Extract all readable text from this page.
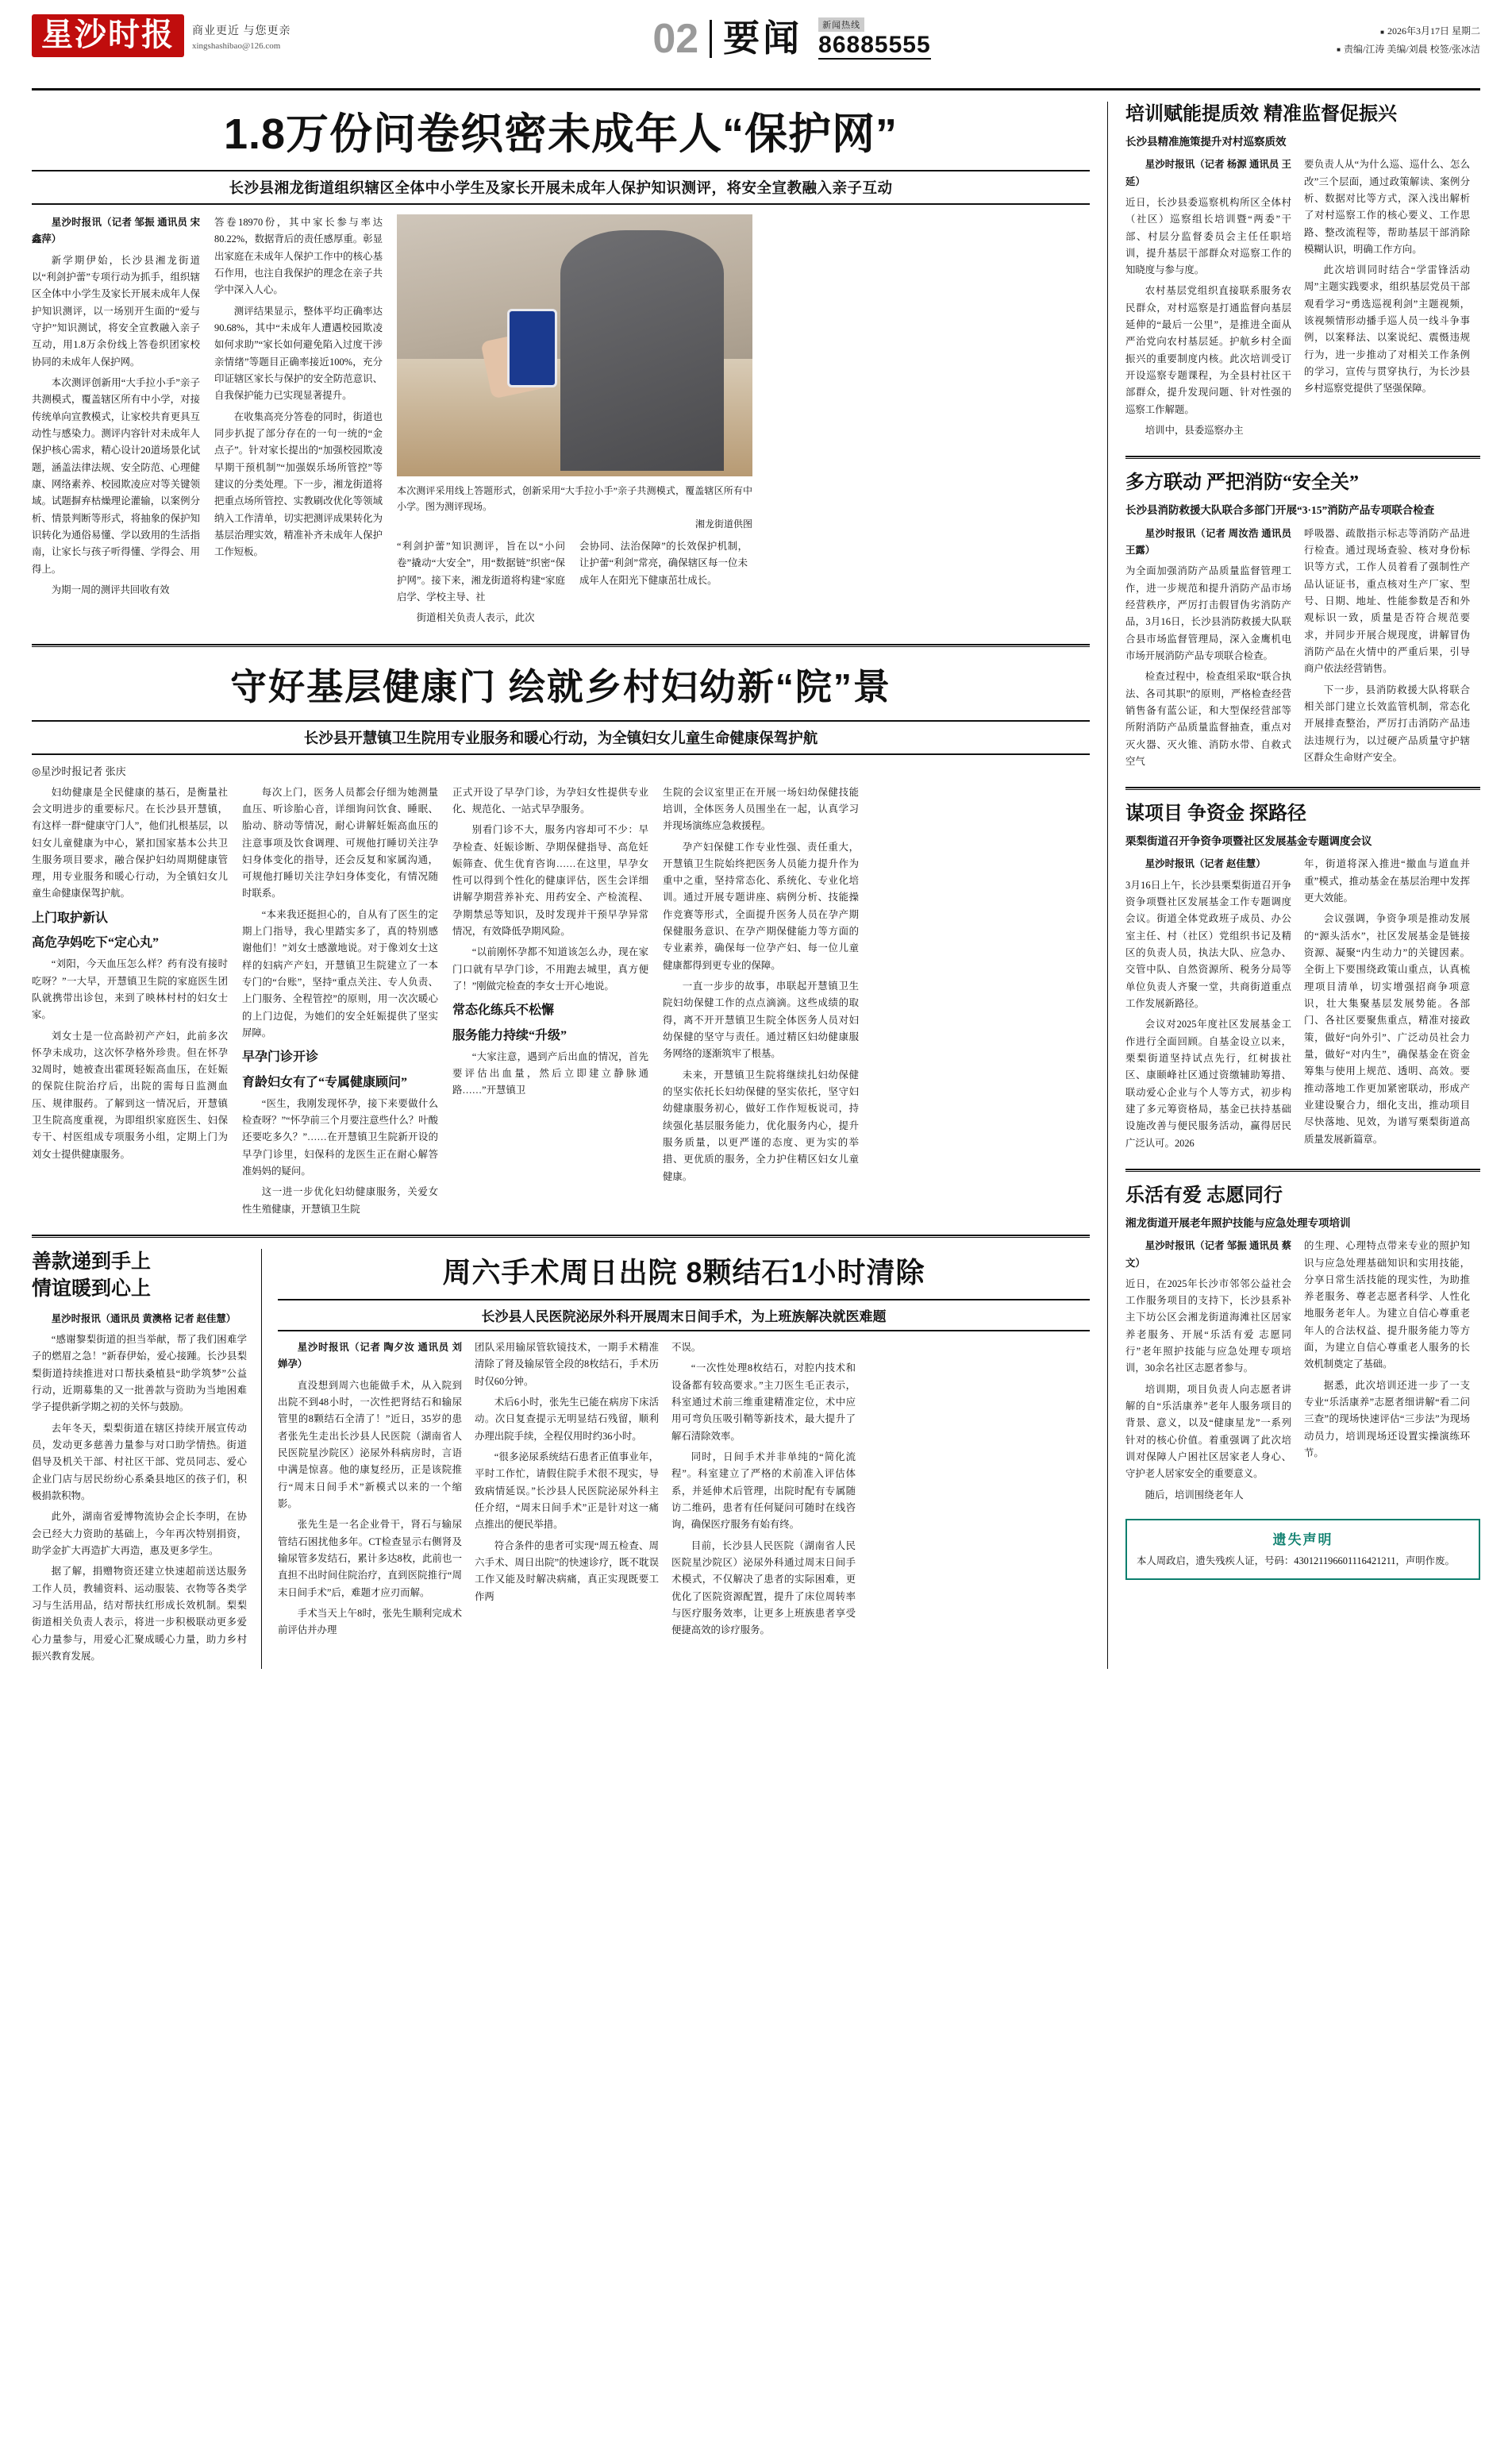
星沙时报	商业更近 与您更亲
xingshashibao@126.com	02 要闻	新闻热线
86885555
■ 2026年3月17日 星期二
■ 责编/江涛 美编/刘晨 校签/张冰洁
1.8万份问卷织密未成年人“保护网”
长沙县湘龙街道组织辖区全体中小学生及家长开展未成年人保护知识测评，将安全宣教融入亲子互动

星沙时报讯（记者 邹振 通讯员 宋鑫萍）

新学期伊始，长沙县湘龙街道以“利剑护蕾”专项行动为抓手，组织辖区全体中小学生及家长开展未成年人保护知识测评，以一场别开生面的“爱与守护”知识测试，将安全宣教融入亲子互动，用1.8万余份线上答卷织团家校协同的未成年人保护网。

本次测评创新用“大手拉小手”亲子共测模式，覆盖辖区所有中小学，对接传统单向宣教模式，让家校共育更具互动性与感染力。测评内容针对未成年人保护核心需求，精心设计20道场景化试题，涵盖法律法规、安全防范、心理健康、网络素养、校园欺凌应对等关键领域。试题摒弃枯燥理论灌输，以案例分析、情景判断等形式，将抽象的保护知识转化为通俗易懂、学以致用的生活指南，让家长与孩子听得懂、学得会、用得上。

为期一周的测评共回收有效

答卷18970份，其中家长参与率达80.22%，数据背后的责任感厚重。彰显出家庭在未成年人保护工作中的核心基石作用，也注自我保护的理念在亲子共学中深入人心。

测评结果显示，整体平均正确率达90.68%，其中“未成年人遭遇校园欺凌如何求助”“家长如何避免陷入过度干涉亲情绪”等题目正确率接近100%，充分印证辖区家长与保护的安全防范意识、自我保护能力已实现显著提升。

在收集高亮分答卷的同时，街道也同步扒捉了部分存在的一句一统的“金点子”。针对家长提出的“加强校园欺凌早期干预机制”“加强娱乐场所管控”等建议的分类处理。下一步，湘龙街道将把重点场所管控、实教刷改优化等领域纳入工作清单，切实把测评成果转化为基层治理实效，精准补齐未成年人保护工作短板。

本次测评采用线上答题形式，创新采用“大手拉小手”亲子共测模式，覆盖辖区所有中小学。图为测评现场。
湘龙街道供图

“利剑护蕾”知识测评，旨在以“小问卷”撬动“大安全”，用“数据链”织密“保护网”。接下来，湘龙街道将构建“家庭启学、学校主导、社

街道相关负责人表示，此次

会协同、法治保障”的长效保护机制，让护蕾“利剑”常亮，确保辖区每一位未成年人在阳光下健康茁壮成长。

守好基层健康门 绘就乡村妇幼新“院”景
长沙县开慧镇卫生院用专业服务和暖心行动，为全镇妇女儿童生命健康保驾护航
◎星沙时报记者 张庆

妇幼健康是全民健康的基石，是衡量社会文明进步的重要标尺。在长沙县开慧镇，有这样一群“健康守门人”，他们扎根基层，以妇女儿童健康为中心，紧扣国家基本公共卫生服务项目要求，融合保护妇幼周期健康管理，用专业服务和暖心行动，为全镇妇女儿童生命健康保驾护航。

上门取护新认
高危孕妈吃下“定心丸”

“刘阳，今天血压怎么样？药有没有接时吃呀？”一大早，开慧镇卫生院的家庭医生团队就携带出诊包，来到了映林村村的妇女士家。

刘女士是一位高龄初产产妇，此前多次怀孕未成功，这次怀孕格外珍贵。但在怀孕32周时，她被查出霍斑轻娠高血压，在妊娠的保院住院治疗后，出院的需每日监测血压、规律服药。了解到这一情况后，开慧镇卫生院高度重视，为即组织家庭医生、妇保专干、村医组成专项服务小组，定期上门为刘女士提供健康服务。

每次上门，医务人员都会仔细为她测量血压、听诊胎心音，详细询问饮食、睡眠、胎动、脐动等情况，耐心讲解妊娠高血压的注意事项及饮食调理、可规他打睡切关注孕妇身体变化的指导，还会反复和家属沟通，可规他打睡切关注孕妇身体变化，有情况随时联系。

“本来我还挺担心的，自从有了医生的定期上门指导，我心里踏实多了，真的特别感谢他们！”刘女士感激地说。对于像刘女士这样的妇病产产妇，开慧镇卫生院建立了一本专门的“台账”，坚持“重点关注、专人负责、上门服务、全程管控”的原则，用一次次暖心的上门边促，为她们的安全妊娠提供了坚实屏障。

早孕门诊开诊
育龄妇女有了“专属健康顾问”

“医生，我刚发现怀孕，接下来要做什么检查呀？”“怀孕前三个月要注意些什么？叶酸还要吃多久？”……在开慧镇卫生院新开设的早孕门诊里，妇保科的龙医生正在耐心解答准妈妈的疑问。

这一进一步优化妇幼健康服务，关爱女性生殖健康，开慧镇卫生院

正式开设了早孕门诊，为孕妇女性提供专业化、规范化、一站式早孕服务。

别看门诊不大，服务内容却可不少：早孕检查、妊娠诊断、孕期保健指导、高危妊娠筛查、优生优育咨询……在这里，早孕女性可以得到个性化的健康评估，医生会详细讲解孕期营养补充、用药安全、产检流程、孕期禁忌等知识，及时发现并干预早孕异常情况，有效降低孕期风险。

“以前刚怀孕都不知道该怎么办，现在家门口就有早孕门诊，不用跑去城里，真方便了！”刚做完检查的李女士开心地说。

常态化练兵不松懈
服务能力持续“升级”

“大家注意，遇到产后出血的情况，首先要评估出血量，然后立即建立静脉通路……”开慧镇卫

生院的会议室里正在开展一场妇幼保健技能培训，全体医务人员围坐在一起，认真学习并现场演练应急救援程。

孕产妇保健工作专业性强、责任重大，开慧镇卫生院始终把医务人员能力提升作为重中之重，坚持常态化、系统化、专业化培训。通过开展专题讲座、病例分析、技能操作竞赛等形式，全面提升医务人员在孕产期保健服务意识、在孕产期保健能力等方面的专业素养，确保每一位孕产妇、每一位儿童健康都得到更专业的保障。

一直一步步的故事，串联起开慧镇卫生院妇幼保健工作的点点滴滴。这些成绩的取得，离不开开慧镇卫生院全体医务人员对妇幼保健的坚守与责任。通过精区妇幼健康服务网络的逐渐筑牢了根基。

未来，开慧镇卫生院将继续扎妇幼保健的坚实依托长妇幼保健的坚实依托，坚守妇幼健康服务初心，做好工作作短板说司，持续强化基层服务能力，优化服务内心，提升服务质量，以更严谨的态度、更为实的举措、更优质的服务，全力护住精区妇女儿童健康。

善款递到手上
情谊暖到心上

星沙时报讯（通讯员 黄澳格 记者 赵佳慧）

“感谢黎梨街道的担当举献，帮了我们困难学子的燃眉之急！”新春伊始，爱心接踵。长沙县梨梨街道持续推进对口帮扶桑植县“助学筑梦”公益行动，近期募集的又一批善款与资助为当地困难学子提供新学期之初的关怀与鼓励。

去年冬天，梨梨街道在辖区持续开展宣传动员，发动更多慈善力量参与对口助学情热。街道倡导及机关干部、村社区干部、党员同志、爱心企业门店与居民纷纷心系桑县地区的孩子们，积极捐款积物。

此外，湖南省爱博物流协会企长李明，在协会已经大力资助的基础上，今年再次特别捐资，助学金扩大再造扩大再造，惠及更多学生。

据了解，捐赠物资还建立快速超前送达服务工作人员，教辅资料、运动服装、衣物等各类学习与生活用品，结对帮扶红形成长效机制。梨梨街道相关负责人表示，将进一步积极联动更多爱心力量参与，用爱心汇聚成暖心力量，助力乡村振兴教育发展。

周六手术周日出院 8颗结石1小时清除
长沙县人民医院泌尿外科开展周末日间手术，为上班族解决就医难题

星沙时报讯（记者 陶夕汝 通讯员 刘婵孕）

直没想到周六也能做手术，从入院到出院不到48小时，一次性把肾结石和输尿管里的8颗结石全清了！”近日，35岁的患者张先生走出长沙县人民医院（湖南省人民医院星沙院区）泌尿外科病房时，言语中满是惊喜。他的康复经历，正是该院推行“周末日间手术”新模式以来的一个缩影。

张先生是一名企业骨干，肾石与输尿管结石困扰他多年。CT检查显示右侧肾及输尿管多发结石，累计多达8枚，此前也一直担不出时间住院治疗，直到医院推行“周末日间手术”后，难题才应刃而解。

手术当天上午8时，张先生顺利完成术前评估并办理

团队采用输尿管软镜技术，一期手术精准清除了肾及输尿管全段的8枚结石，手术历时仅60分钟。

术后6小时，张先生已能在病房下床活动。次日复查提示无明显结石残留，顺利办理出院手续，全程仅用时约36小时。

“很多泌尿系统结石患者正值事业年，平时工作忙，请假住院手术很不现实，导致病情延误。”长沙县人民医院泌尿外科主任介绍，“周末日间手术”正是针对这一痛点推出的便民举措。

符合条件的患者可实现“周五检查、周六手术、周日出院”的快速诊疗，既不耽误工作又能及时解决病痛，真正实现既要工作两

不误。

“一次性处理8枚结石，对腔内技术和设备都有较高要求。”主刀医生毛正表示，科室通过术前三维重建精准定位，术中应用可弯负压吸引鞘等新技术，最大提升了解石清除效率。

同时，日间手术并非单纯的“简化流程”。科室建立了严格的术前准入评估体系，并延伸术后管理，出院时配有专属随访二维码，患者有任何疑问可随时在线咨询，确保医疗服务有始有终。

目前，长沙县人民医院（湖南省人民医院星沙院区）泌尿外科通过周末日间手术模式，不仅解决了患者的实际困难，更优化了医院资源配置，提升了床位周转率与医疗服务效率，让更多上班族患者享受便捷高效的诊疗服务。

培训赋能提质效 精准监督促振兴
长沙县精准施策提升对村巡察质效

星沙时报讯（记者 杨源 通讯员 王延）

近日，长沙县委巡察机构所区全体村（社区）巡察组长培训暨“两委”干部、村层分监督委员会主任任职培训，提升基层干部群众对巡察工作的知晓度与参与度。

农村基层党组织直接联系服务农民群众，对村巡察是打通监督向基层延伸的“最后一公里”，是推进全面从严治党向农村基层延。护航乡村全面振兴的重要制度内核。此次培训受订开设巡察专题课程，为全县村社区干部群众，提升发现问题、针对性强的巡察工作解题。

培训中，县委巡察办主

要负责人从“为什么巡、巡什么、怎么改”三个层面，通过政策解读、案例分析、数据对比等方式，深入浅出解析了对村巡察工作的核心要义、工作思路、整改流程等，帮助基层干部消除模糊认识，明确工作方向。

此次培训同时结合“学雷锋活动周”主题实践要求，组织基层党员干部观看学习“勇选巡视利剑”主题视频，该视频情形动播手巡人员一线斗争事例，以案释法、以案说纪、震慑违规行为，进一步推动了对相关工作条例的学习，宣传与贯穿执行，为长沙县乡村巡察党提供了坚强保障。

多方联动 严把消防“安全关”
长沙县消防救援大队联合多部门开展“3·15”消防产品专项联合检查

星沙时报讯（记者 周汝浩 通讯员 王露）

为全面加强消防产品质量监督管理工作，进一步规范和提升消防产品市场经营秩序，严厉打击假冒伪劣消防产品，3月16日，长沙县消防救援大队联合县市场监督管理局，深入金鹰机电市场开展消防产品专项联合检查。

检查过程中，检查组采取“联合执法、各司其职”的原则，严格检查经营销售备有蓝公证，和大型保经营部等所附消防产品质量监督抽查，重点对灭火器、灭火锥、消防水带、自救式空气

呼吸器、疏散指示标志等消防产品进行检查。通过现场查验、核对身份标识等方式，工作人员着看了强制性产品认证证书，重点核对生产厂家、型号、日期、地址、性能参数是否和外观标识一致，质量是否符合规范要求，并同步开展合规现度，讲解冒伪消防产品在火情中的严重后果，引导商户依法经营销售。

下一步，县消防救援大队将联合相关部门建立长效监管机制，常态化开展排查整治，严厉打击消防产品违法违规行为，以过硬产品质量守护辖区群众生命财产安全。

谋项目 争资金 探路径
栗梨街道召开争资争项暨社区发展基金专题调度会议

星沙时报讯（记者 赵佳慧）

3月16日上午，长沙县栗梨街道召开争资争项暨社区发展基金工作专题调度会议。街道全体党政班子成员、办公室主任、村（社区）党组织书记及精区的负责人员，执法大队、应急办、交管中队、自然资源所、税务分局等单位负责人齐聚一堂，共商街道重点工作发展新路径。

会议对2025年度社区发展基金工作进行全面回顾。自基金设立以来，栗梨街道坚持试点先行，红树拔社区、康颐峰社区通过资缴辅助筹措、联动爱心企业与个人等方式，初步构建了多元筹资格局，基金已扶持基础设施改善与便民服务活动，赢得居民广泛认可。2026

年，街道将深入推进“撤血与道血并重”模式，推动基金在基层治理中发挥更大效能。

会议强调，争资争项是推动发展的“源头活水”，社区发展基金是链接资源、凝聚“内生动力”的关键因素。全街上下要围绕政策山重点，认真梳理项目清单，切实增强招商争项意识，壮大集聚基层发展势能。各部门、各社区要聚焦重点，精准对接政策，做好“向外引”、广泛动员社会力量，做好“对内生”，确保基金在资金筹集与使用上规范、透明、高效。要推动落地工作更加紧密联动，形成产业建设聚合力，细化支出，推动项目尽快落地、见效，为谱写栗梨街道高质量发展新篇章。

乐活有爱 志愿同行
湘龙街道开展老年照护技能与应急处理专项培训

星沙时报讯（记者 邹振 通讯员 蔡文）

近日，在2025年长沙市邻邻公益社会工作服务项目的支持下，长沙县系补主下坊公区会湘龙街道海滩社区居家养老服务、开展“乐活有爱 志愿同行”老年照护技能与应急处理专项培训，30余名社区志愿者参与。

培训期，项目负责人向志愿者讲解的自“乐活康养”老年人服务项目的背景、意义，以及“健康星龙”一系列针对的核心价值。着重强调了此次培训对保障人户困社区居家老人身心、守护老人居家安全的重要意义。

随后，培训围绕老年人

的生理、心理特点带来专业的照护知识与应急处理基础知识和实用技能，分享日常生活技能的现实性，为助推养老服务、尊老志愿者科学、人性化地服务老年人。为建立自信心尊重老年人的合法权益、提升服务能力等方面，为建立自信心尊重老人服务的长效机制奠定了基础。

据悉，此次培训还进一步了一支专业“乐活康养”志愿者细讲解“看二问三查”的现场快速评估“三步法”为现场动员力，培训现场还设置实操演练环节。

遗失声明

本人周政启，遗失残疾人证，号码：430121196601116421211，声明作废。
